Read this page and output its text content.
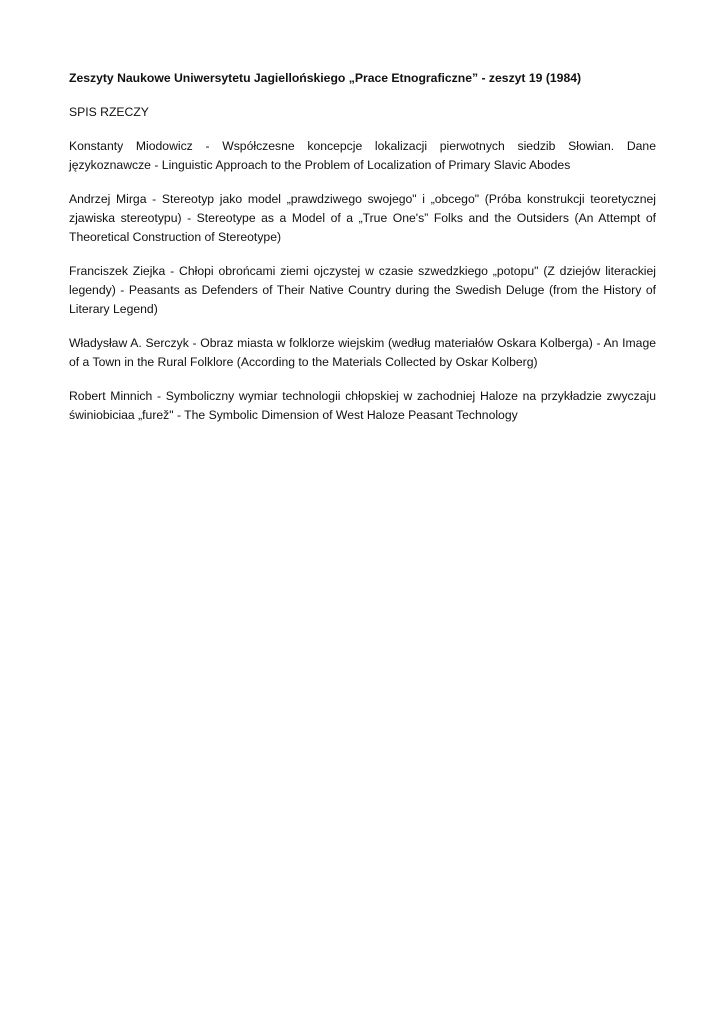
Zeszyty Naukowe Uniwersytetu Jagiellońskiego „Prace Etnograficzne” - zeszyt 19 (1984)
SPIS RZECZY
Konstanty Miodowicz - Współczesne koncepcje lokalizacji pierwotnych siedzib Słowian. Dane językoznawcze - Linguistic Approach to the Problem of Localization of Primary Slavic Abodes
Andrzej Mirga - Stereotyp jako model „prawdziwego swojego" i „obcego" (Próba konstrukcji teoretycznej zjawiska stereotypu) - Stereotype as a Model of a „True One's” Folks and the Outsiders (An Attempt of Theoretical Construction of Stereotype)
Franciszek Ziejka - Chłopi obrońcami ziemi ojczystej w czasie szwedzkiego „potopu" (Z dziejów literackiej legendy) - Peasants as Defenders of Their Native Country during the Swedish Deluge (from the History of Literary Legend)
Władysław A. Serczyk - Obraz miasta w folklorze wiejskim (według materiałów Oskara Kolberga) - An Image of a Town in the Rural Folklore (According to the Materials Collected by Oskar Kolberg)
Robert Minnich - Symboliczny wymiar technologii chłopskiej w zachodniej Haloze na przykładzie zwyczaju świniobiciaa „furež" - The Symbolic Dimension of West Haloze Peasant Technology
